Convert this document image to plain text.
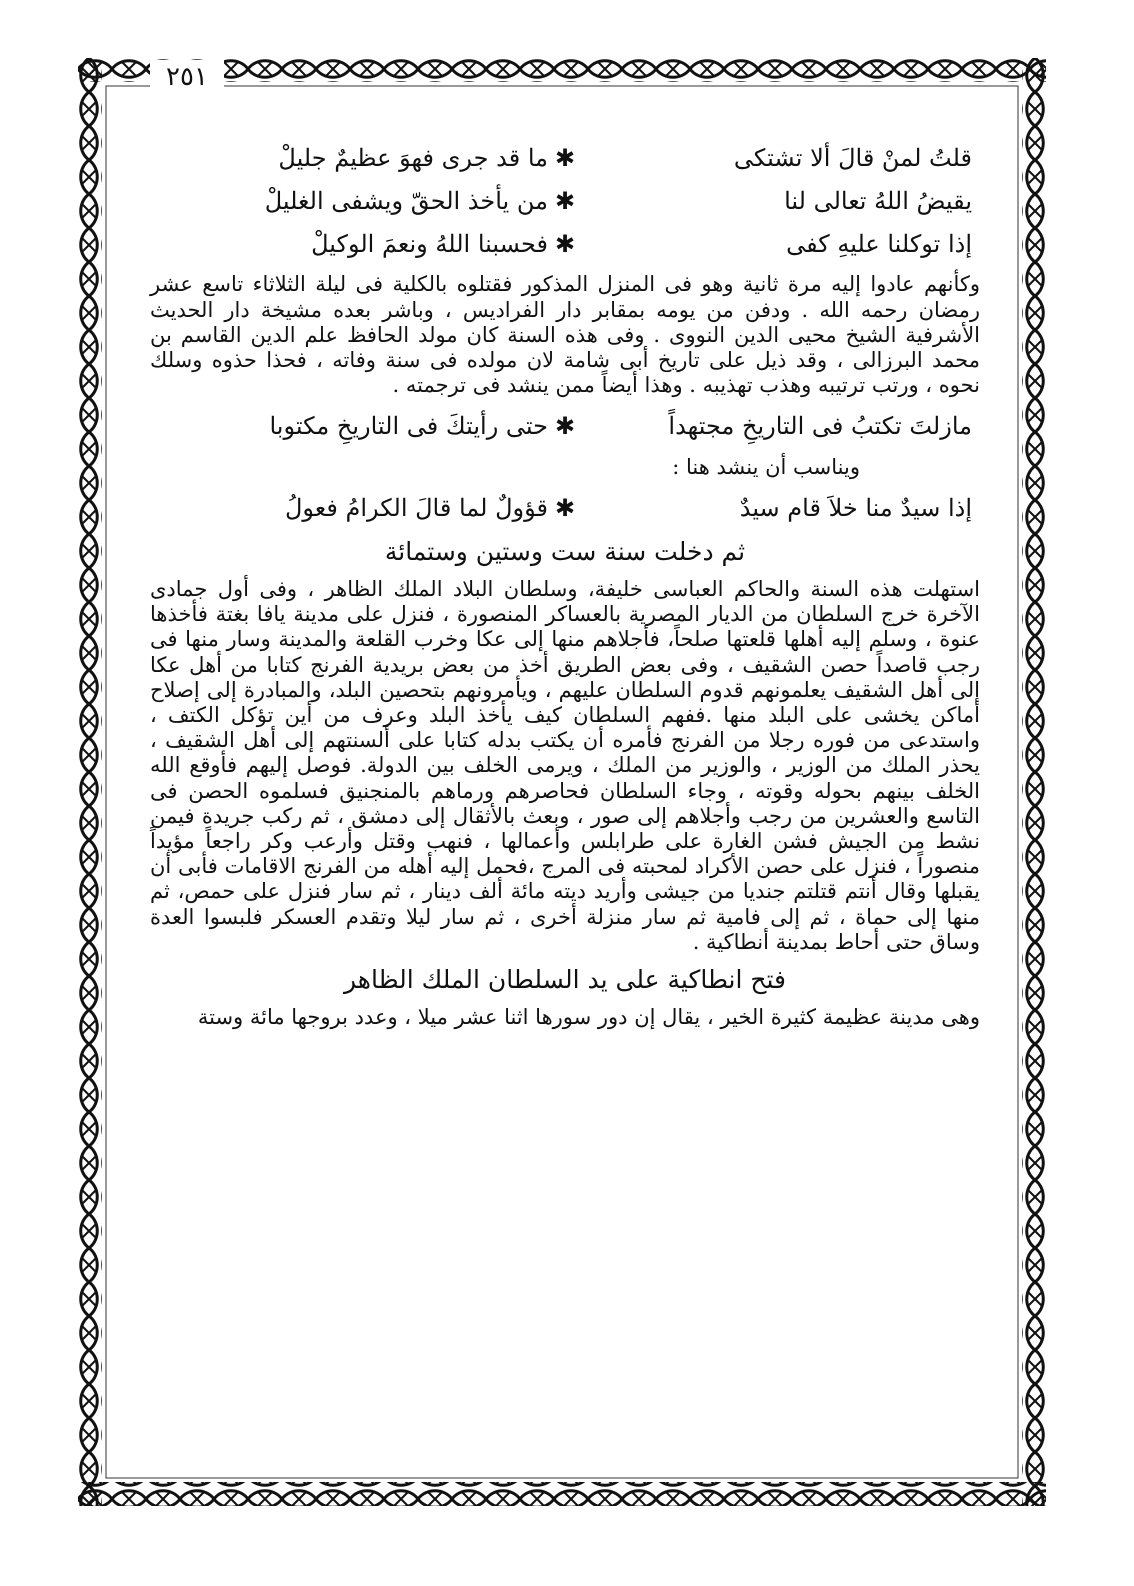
٢٥١
قلتُ لمنْ قالَ ألا تشتكى
✱
ما قد جرى فهوَ عظيمٌ جليلْ
يقيضُ اللهُ تعالى لنا
✱
من يأخذ الحقّ ويشفى الغليلْ
إذا توكلنا عليهِ كفى
✱
فحسبنا اللهُ ونعمَ الوكيلْ

وكأنهم عادوا إليه مرة ثانية وهو فى المنزل المذكور فقتلوه بالكلية فى ليلة الثلاثاء تاسع عشر رمضان رحمه الله . ودفن من يومه بمقابر دار الفراديس ، وباشر بعده مشيخة دار الحديث الأشرفية الشيخ محيى الدين النووى . وفى هذه السنة كان مولد الحافظ علم الدين القاسم بن محمد البرزالى ، وقد ذيل على تاريخ أبى شامة لان مولده فى سنة وفاته ، فحذا حذوه وسلك نحوه ، ورتب ترتيبه وهذب تهذيبه . وهذا أيضاً ممن ينشد فى ترجمته .

مازلتَ تكتبُ فى التاريخِ مجتهداً
✱
حتى رأيتكَ فى التاريخِ مكتوبا
ويناسب أن ينشد هنا :
إذا سيدٌ منا خلاَ قام سيدٌ
✱
قؤولٌ لما قالَ الكرامُ فعولُ
ثم دخلت سنة ست وستين وستمائة

استهلت هذه السنة والحاكم العباسى خليفة، وسلطان البلاد الملك الظاهر ، وفى أول جمادى الآخرة خرج السلطان من الديار المصرية بالعساكر المنصورة ، فنزل على مدينة يافا بغتة فأخذها عنوة ، وسلم إليه أهلها قلعتها صلحاً، فأجلاهم منها إلى عكا وخرب القلعة والمدينة وسار منها فى رجب قاصداً حصن الشقيف ، وفى بعض الطريق أخذ من بعض بريدية الفرنج كتابا من أهل عكا إلى أهل الشقيف يعلمونهم قدوم السلطان عليهم ، ويأمرونهم بتحصين البلد، والمبادرة إلى إصلاح أماكن يخشى على البلد منها .ففهم السلطان كيف يأخذ البلد وعرف من أين تؤكل الكتف ، واستدعى من فوره رجلا من الفرنج فأمره أن يكتب بدله كتابا على ألسنتهم إلى أهل الشقيف ، يحذر الملك من الوزير ، والوزير من الملك ، ويرمى الخلف بين الدولة. فوصل إليهم فأوقع الله الخلف بينهم بحوله وقوته ، وجاء السلطان فحاصرهم ورماهم بالمنجنيق فسلموه الحصن فى التاسع والعشرين من رجب وأجلاهم إلى صور ، وبعث بالأثقال إلى دمشق ، ثم ركب جريدة فيمن نشط من الجيش فشن الغارة على طرابلس وأعمالها ، فنهب وقتل وأرعب وكر راجعاً مؤيداً منصوراً ، فنزل على حصن الأكراد لمحبته فى المرج ،فحمل إليه أهله من الفرنج الاقامات فأبى أن يقبلها وقال أنتم قتلتم جنديا من جيشى وأريد ديته مائة ألف دينار ، ثم سار فنزل على حمص، ثم منها إلى حماة ، ثم إلى فامية ثم سار منزلة أخرى ، ثم سار ليلا وتقدم العسكر فلبسوا العدة وساق حتى أحاط بمدينة أنطاكية .

فتح انطاكية على يد السلطان الملك الظاهر

وهى مدينة عظيمة كثيرة الخير ، يقال إن دور سورها اثنا عشر ميلا ، وعدد بروجها مائة وستة
